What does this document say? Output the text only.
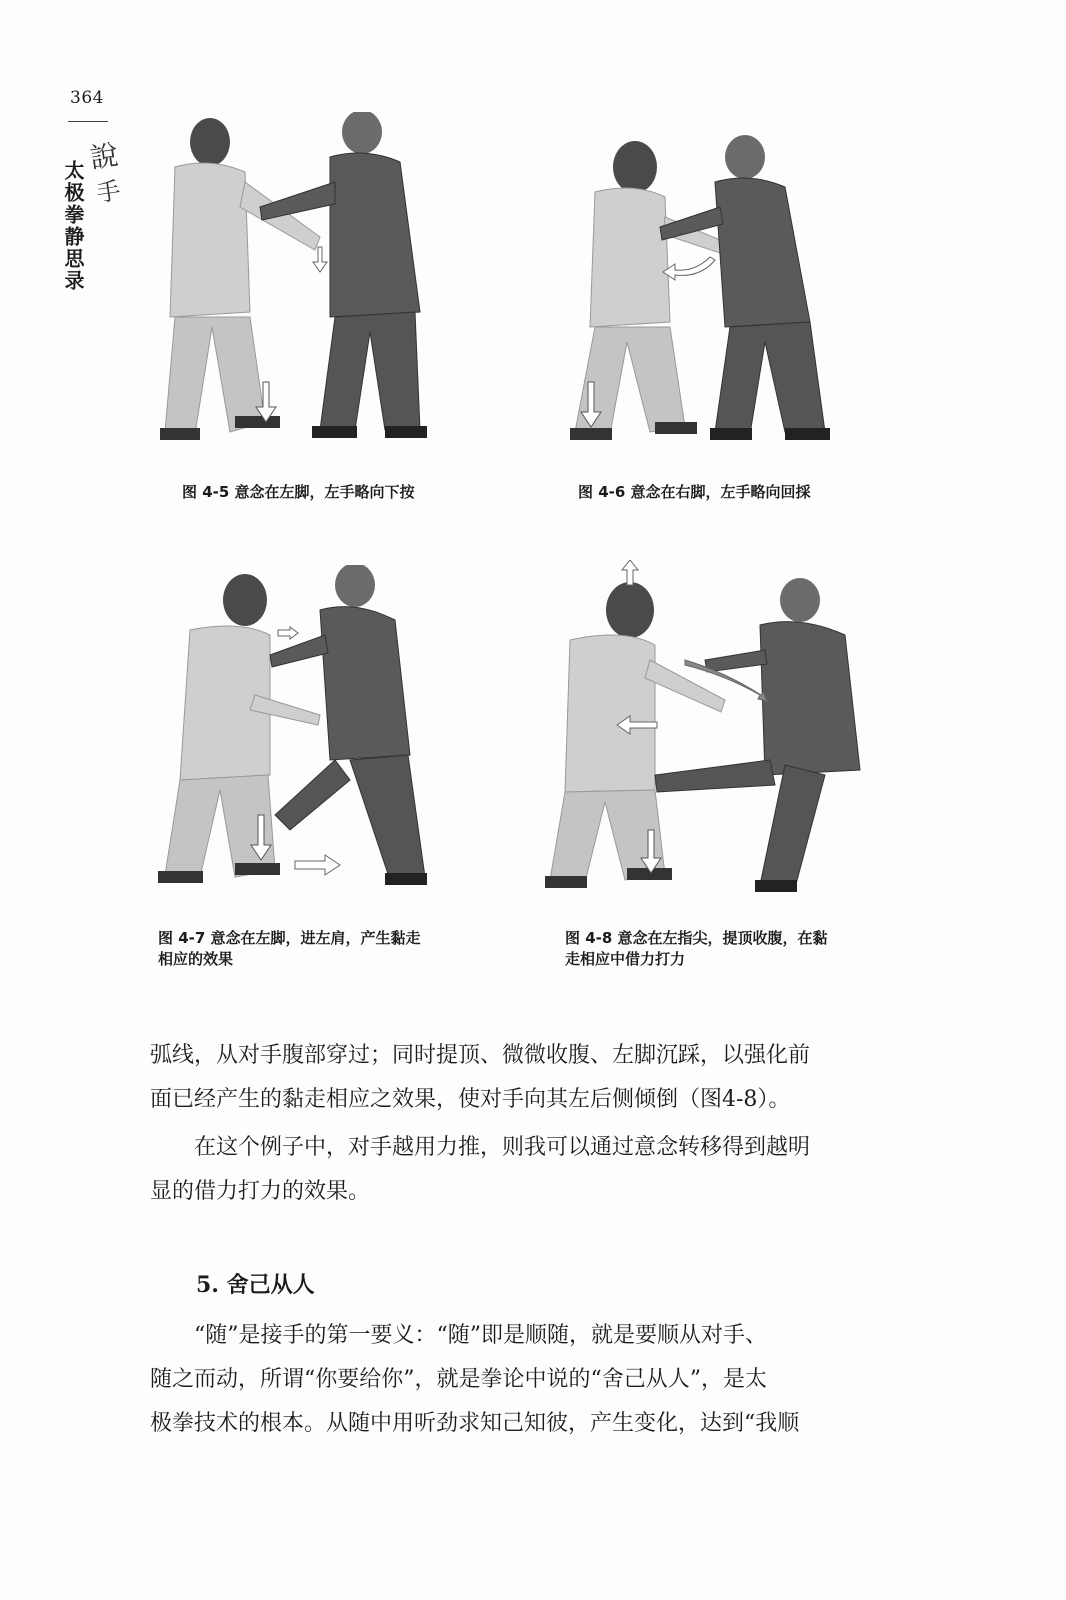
364
說
手
太极拳静思录
图 4-5 意念在左脚，左手略向下按	图 4-6 意念在右脚，左手略向回採
图 4-7 意念在左脚，进左肩，产生黏走
相应的效果
图 4-8 意念在左指尖，提顶收腹，在黏
走相应中借力打力

弧线，从对手腹部穿过；同时提顶、微微收腹、左脚沉踩，以强化前
面已经产生的黏走相应之效果，使对手向其左后侧倾倒（图4-8）。

在这个例子中，对手越用力推，则我可以通过意念转移得到越明
显的借力打力的效果。

5. 舍己从人

“随”是接手的第一要义：“随”即是顺随，就是要顺从对手、
随之而动，所谓“你要给你”，就是拳论中说的“舍己从人”，是太
极拳技术的根本。从随中用听劲求知己知彼，产生变化，达到“我顺
